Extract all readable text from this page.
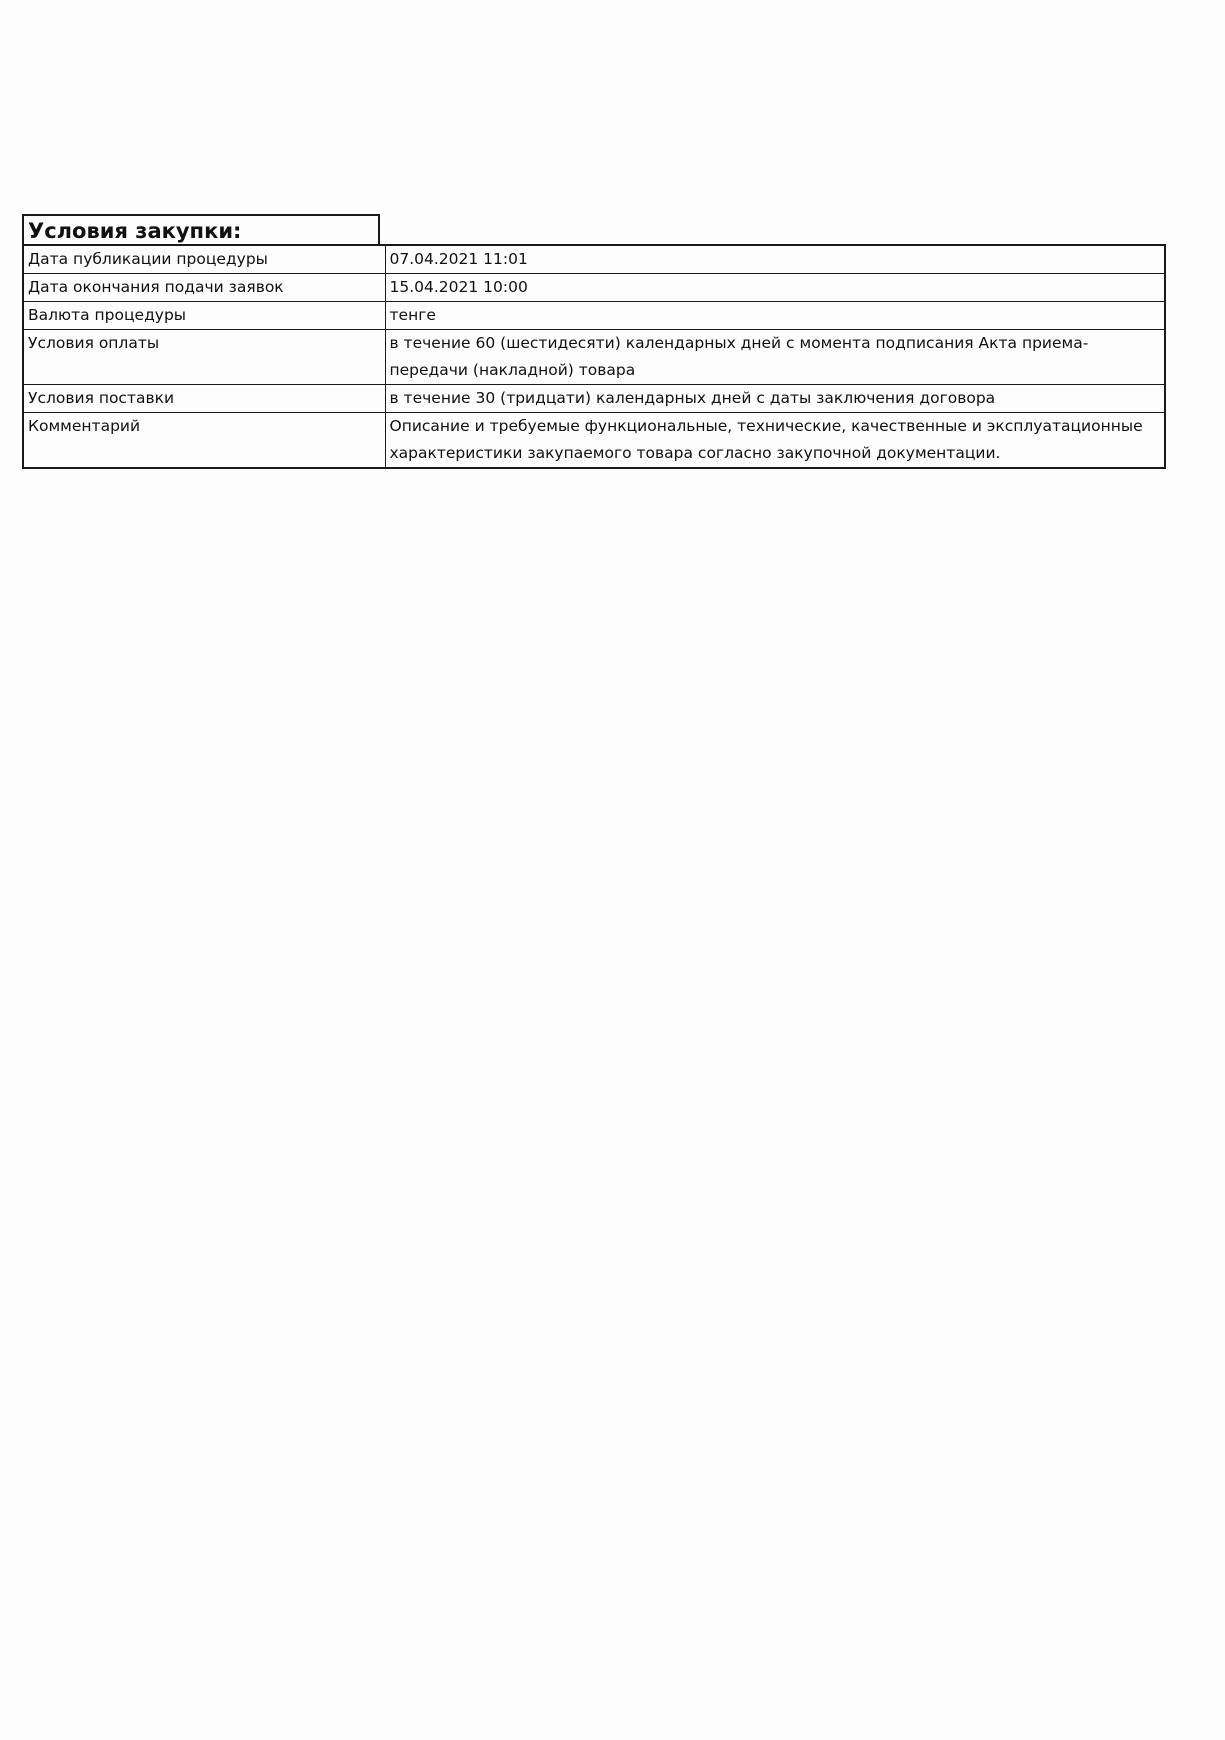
Условия закупки:
Дата публикации процедуры	07.04.2021 11:01
Дата окончания подачи заявок	15.04.2021 10:00
Валюта процедуры	тенге
Условия оплаты	в течение 60 (шестидесяти) календарных дней с момента подписания Акта приема-передачи (накладной) товара
Условия поставки	в течение 30 (тридцати) календарных дней с даты заключения договора
Комментарий	Описание и требуемые функциональные, технические, качественные и эксплуатационные характеристики закупаемого товара согласно закупочной документации.
